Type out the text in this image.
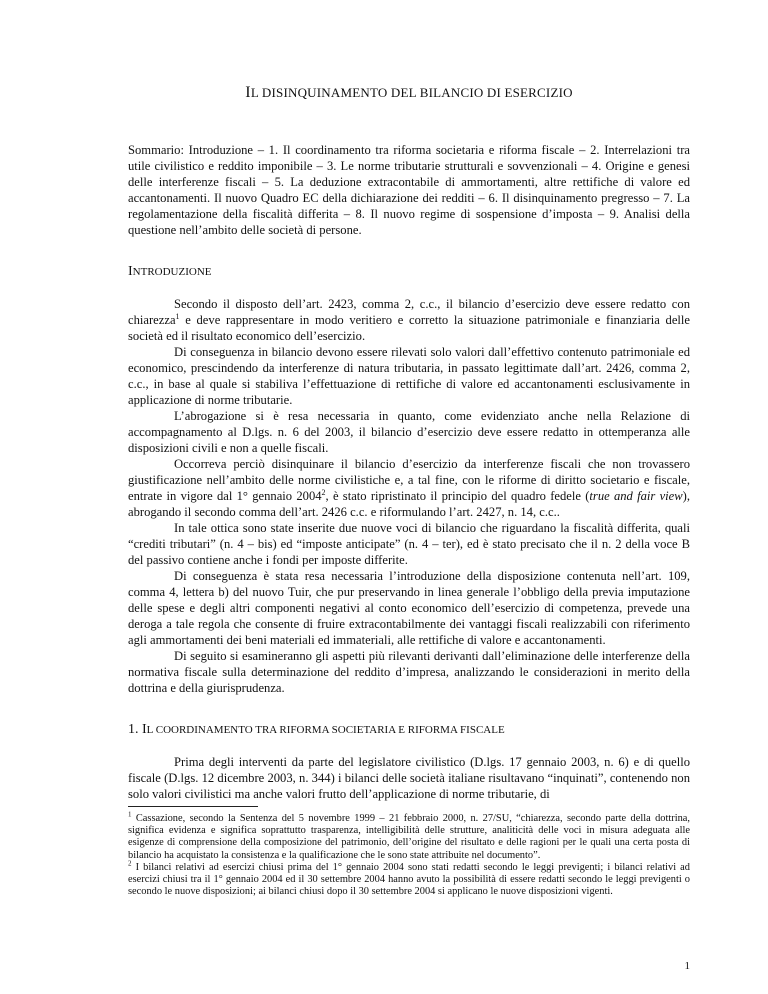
IL DISINQUINAMENTO DEL BILANCIO DI ESERCIZIO

Sommario: Introduzione – 1. Il coordinamento tra riforma societaria e riforma fiscale – 2. Interrelazioni tra utile civilistico e reddito imponibile – 3. Le norme tributarie strutturali e sovvenzionali – 4. Origine e genesi delle interferenze fiscali – 5. La deduzione extracontabile di ammortamenti, altre rettifiche di valore ed accantonamenti. Il nuovo Quadro EC della dichiarazione dei redditi – 6. Il disinquinamento pregresso – 7. La regolamentazione della fiscalità differita – 8. Il nuovo regime di sospensione d’imposta – 9. Analisi della questione nell’ambito delle società di persone.

INTRODUZIONE

Secondo il disposto dell’art. 2423, comma 2, c.c., il bilancio d’esercizio deve essere redatto con chiarezza$^1$ e deve rappresentare in modo veritiero e corretto la situazione patrimoniale e finanziaria delle società ed il risultato economico dell’esercizio.

Di conseguenza in bilancio devono essere rilevati solo valori dall’effettivo contenuto patrimoniale ed economico, prescindendo da interferenze di natura tributaria, in passato legittimate dall’art. 2426, comma 2, c.c., in base al quale si stabiliva l’effettuazione di rettifiche di valore ed accantonamenti esclusivamente in applicazione di norme tributarie.

L’abrogazione si è resa necessaria in quanto, come evidenziato anche nella Relazione di accompagnamento al D.lgs. n. 6 del 2003, il bilancio d’esercizio deve essere redatto in ottemperanza alle disposizioni civili e non a quelle fiscali.

Occorreva perciò disinquinare il bilancio d’esercizio da interferenze fiscali che non trovassero giustificazione nell’ambito delle norme civilistiche e, a tal fine, con le riforme di diritto societario e fiscale, entrate in vigore dal 1° gennaio 2004$^2$, è stato ripristinato il principio del quadro fedele (true and fair view), abrogando il secondo comma dell’art. 2426 c.c. e riformulando l’art. 2427, n. 14, c.c..

In tale ottica sono state inserite due nuove voci di bilancio che riguardano la fiscalità differita, quali “crediti tributari” (n. 4 – bis) ed “imposte anticipate” (n. 4 – ter), ed è stato precisato che il n. 2 della voce B del passivo contiene anche i fondi per imposte differite.

Di conseguenza è stata resa necessaria l’introduzione della disposizione contenuta nell’art. 109, comma 4, lettera b) del nuovo Tuir, che pur preservando in linea generale l’obbligo della previa imputazione delle spese e degli altri componenti negativi al conto economico dell’esercizio di competenza, prevede una deroga a tale regola che consente di fruire extracontabilmente dei vantaggi fiscali realizzabili con riferimento agli ammortamenti dei beni materiali ed immateriali, alle rettifiche di valore e accantonamenti.

Di seguito si esamineranno gli aspetti più rilevanti derivanti dall’eliminazione delle interferenze della normativa fiscale sulla determinazione del reddito d’impresa, analizzando le considerazioni in merito della dottrina e della giurisprudenza.

1. IL COORDINAMENTO TRA RIFORMA SOCIETARIA E RIFORMA FISCALE

Prima degli interventi da parte del legislatore civilistico (D.lgs. 17 gennaio 2003, n. 6) e di quello fiscale (D.lgs. 12 dicembre 2003, n. 344) i bilanci delle società italiane risultavano “inquinati”, contenendo non solo valori civilistici ma anche valori frutto dell’applicazione di norme tributarie, di

$^1$ Cassazione, secondo la Sentenza del 5 novembre 1999 – 21 febbraio 2000, n. 27/SU, “chiarezza, secondo parte della dottrina, significa evidenza e significa soprattutto trasparenza, intelligibilità delle strutture, analiticità delle voci in misura adeguata alle esigenze di comprensione della composizione del patrimonio, dell’origine del risultato e delle ragioni per le quali una certa posta di bilancio ha acquistato la consistenza e la qualificazione che le sono state attribuite nel documento”.

$^2$ I bilanci relativi ad esercizi chiusi prima del 1° gennaio 2004 sono stati redatti secondo le leggi previgenti; i bilanci relativi ad esercizi chiusi tra il 1° gennaio 2004 ed il 30 settembre 2004 hanno avuto la possibilità di essere redatti secondo le leggi previgenti o secondo le nuove disposizioni; ai bilanci chiusi dopo il 30 settembre 2004 si applicano le nuove disposizioni vigenti.

1
